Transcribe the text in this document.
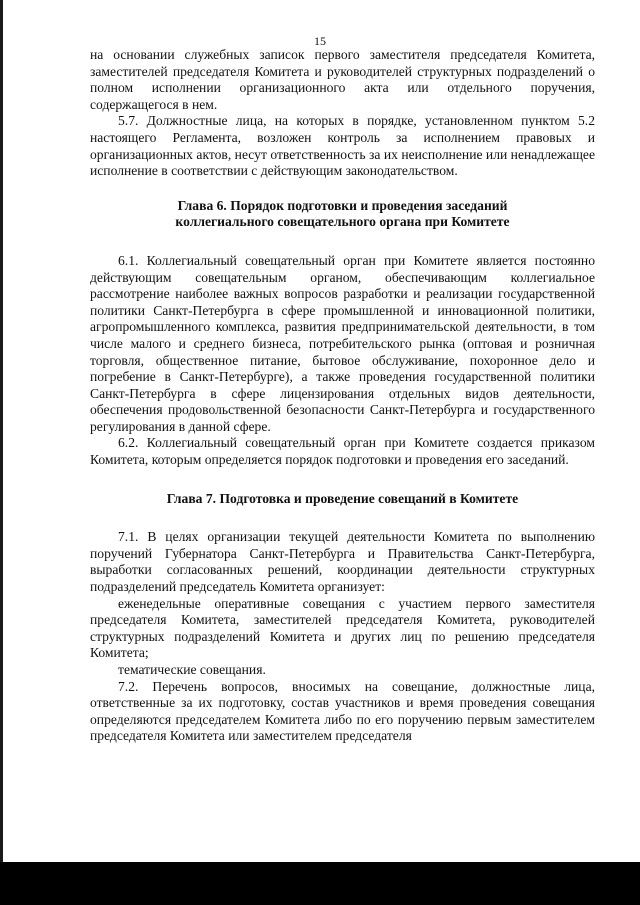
15

на основании служебных записок первого заместителя председателя Комитета, заместителей председателя Комитета и руководителей структурных подразделений о полном исполнении организационного акта или отдельного поручения, содержащегося в нем.

5.7. Должностные лица, на которых в порядке, установленном пунктом 5.2 настоящего Регламента, возложен контроль за исполнением правовых и организационных актов, несут ответственность за их неисполнение или ненадлежащее исполнение в соответствии с действующим законодательством.

Глава 6. Порядок подготовки и проведения заседаний
коллегиального совещательного органа при Комитете

6.1. Коллегиальный совещательный орган при Комитете является постоянно действующим совещательным органом, обеспечивающим коллегиальное рассмотрение наиболее важных вопросов разработки и реализации государственной политики Санкт-Петербурга в сфере промышленной и инновационной политики, агропромышленного комплекса, развития предпринимательской деятельности, в том числе малого и среднего бизнеса, потребительского рынка (оптовая и розничная торговля, общественное питание, бытовое обслуживание, похоронное дело и погребение в Санкт-Петербурге), а также проведения государственной политики Санкт-Петербурга в сфере лицензирования отдельных видов деятельности, обеспечения продовольственной безопасности Санкт-Петербурга и государственного регулирования в данной сфере.

6.2. Коллегиальный совещательный орган при Комитете создается приказом Комитета, которым определяется порядок подготовки и проведения его заседаний.

Глава 7. Подготовка и проведение совещаний в Комитете

7.1. В целях организации текущей деятельности Комитета по выполнению поручений Губернатора Санкт-Петербурга и Правительства Санкт-Петербурга, выработки согласованных решений, координации деятельности структурных подразделений председатель Комитета организует:

еженедельные оперативные совещания с участием первого заместителя председателя Комитета, заместителей председателя Комитета, руководителей структурных подразделений Комитета и других лиц по решению председателя Комитета;

тематические совещания.

7.2. Перечень вопросов, вносимых на совещание, должностные лица, ответственные за их подготовку, состав участников и время проведения совещания определяются председателем Комитета либо по его поручению первым заместителем председателя Комитета или заместителем председателя
